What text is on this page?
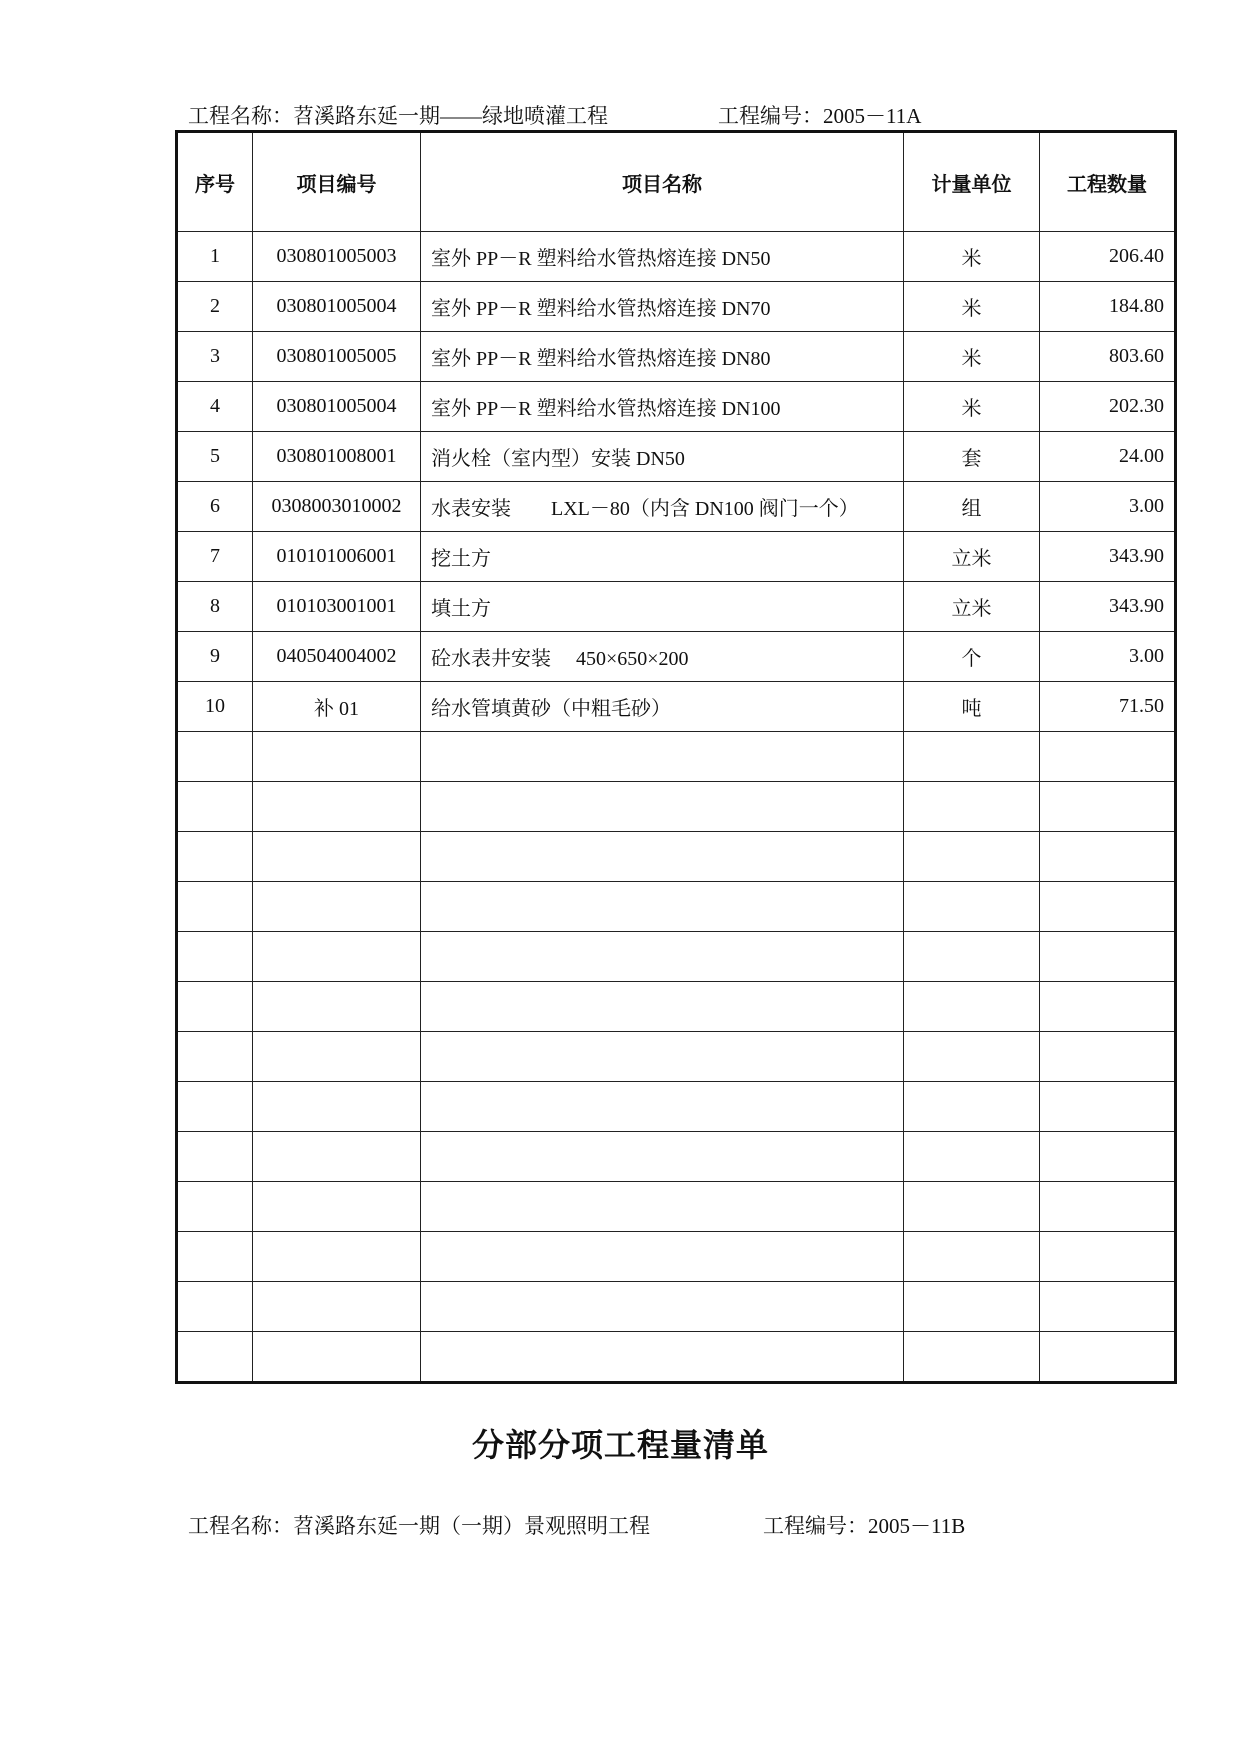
工程名称：苕溪路东延一期——绿地喷灌工程	工程编号：2005－11A
序号	项目编号	项目名称	计量单位	工程数量
1	030801005003	室外 PP－R 塑料给水管热熔连接 DN50	米	206.40
2	030801005004	室外 PP－R 塑料给水管热熔连接 DN70	米	184.80
3	030801005005	室外 PP－R 塑料给水管热熔连接 DN80	米	803.60
4	030801005004	室外 PP－R 塑料给水管热熔连接 DN100	米	202.30
5	030801008001	消火栓（室内型）安装 DN50	套	24.00
6	0308003010002	水表安装　　LXL－80（内含 DN100 阀门一个）	组	3.00
7	010101006001	挖土方	立米	343.90
8	010103001001	填土方	立米	343.90
9	040504004002	砼水表井安装　 450×650×200	个	3.00
10	补 01	给水管填黄砂（中粗毛砂）	吨	71.50

分部分项工程量清单
工程名称：苕溪路东延一期（一期）景观照明工程	工程编号：2005－11B
